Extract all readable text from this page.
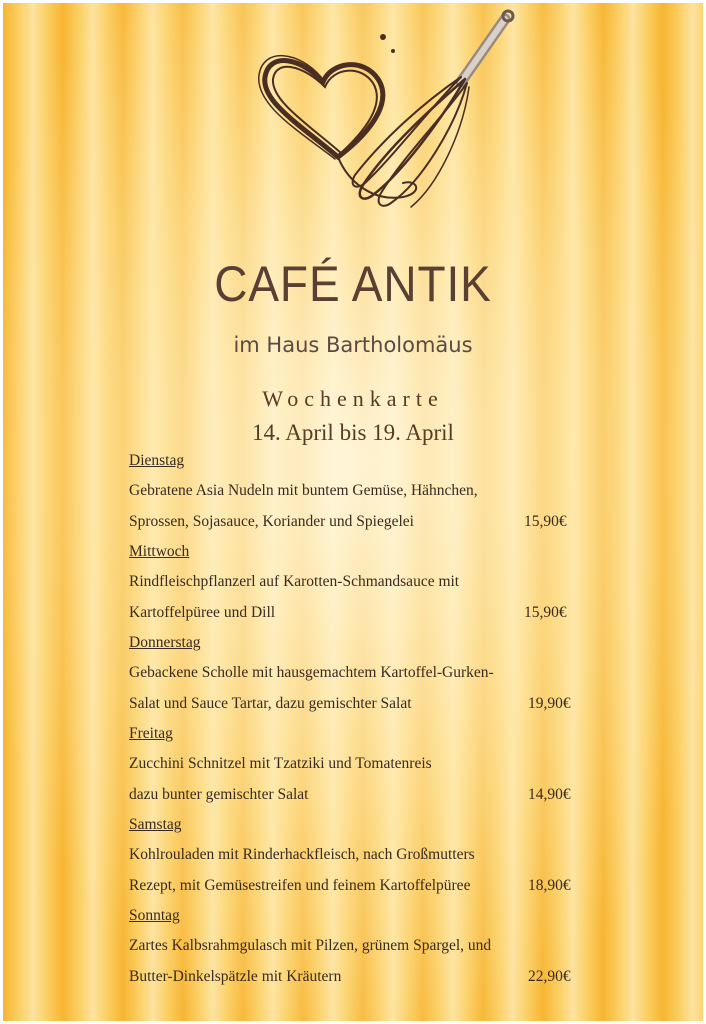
CAFÉ ANTIK
im Haus Bartholomäus
Wochenkarte
14. April bis 19. April
Dienstag
Gebratene Asia Nudeln mit buntem Gemüse, Hähnchen,
Sprossen, Sojasauce, Koriander und Spiegelei	15,90€
Mittwoch
Rindfleischpflanzerl auf Karotten-Schmandsauce mit
Kartoffelpüree und Dill	15,90€
Donnerstag
Gebackene Scholle mit hausgemachtem Kartoffel-Gurken-
Salat und Sauce Tartar, dazu gemischter Salat	19,90€
Freitag
Zucchini Schnitzel mit Tzatziki und Tomatenreis
dazu bunter gemischter Salat	14,90€
Samstag
Kohlrouladen mit Rinderhackfleisch, nach Großmutters
Rezept, mit Gemüsestreifen und feinem Kartoffelpüree	18,90€
Sonntag
Zartes Kalbsrahmgulasch mit Pilzen, grünem Spargel, und
Butter-Dinkelspätzle mit Kräutern	22,90€
